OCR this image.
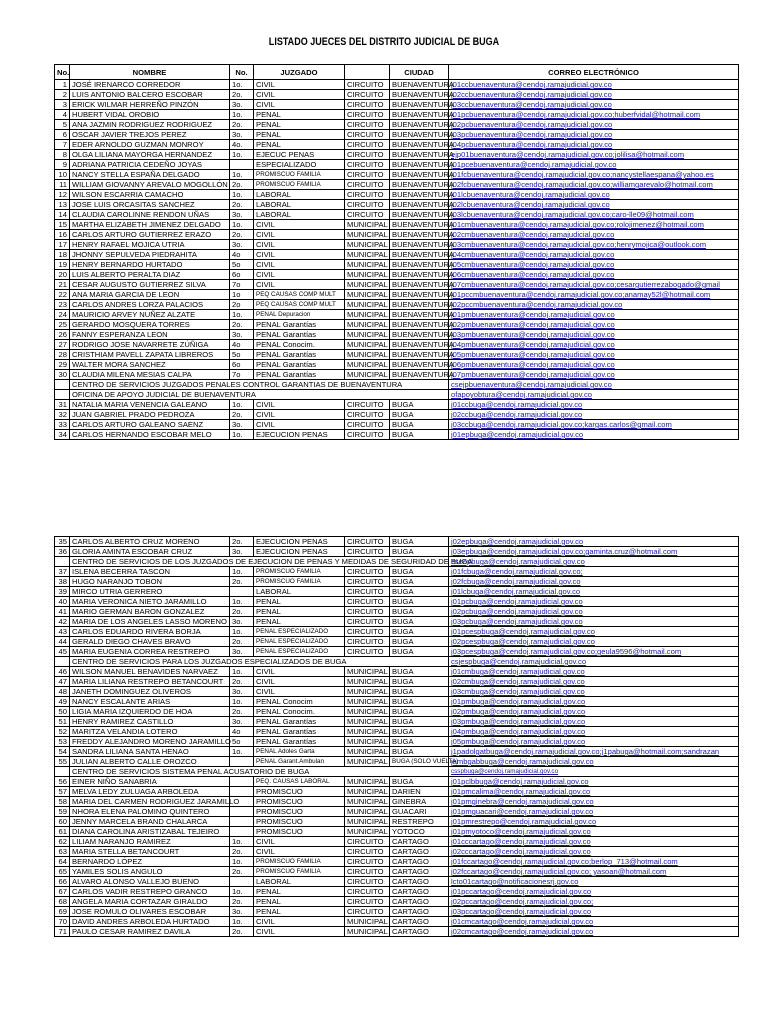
LISTADO JUECES DEL DISTRITO JUDICIAL DE BUGA
No.	NOMBRE	No.	JUZGADO		CIUDAD	CORREO ELECTRÓNICO
1	JOSÉ IRENARCO CORREDOR	1o.	CIVIL	CIRCUITO	BUENAVENTURA	j01ccbuenaventura@cendoj.ramajudicial.gov.co
2	LUIS ANTONIO BALCERO ESCOBAR	2o.	CIVIL	CIRCUITO	BUENAVENTURA	j02ccbuenaventura@cendoj.ramajudicial.gov.co
3	ERICK WILMAR HERREÑO PINZÓN	3o.	CIVIL	CIRCUITO	BUENAVENTURA	j03ccbuenaventura@cendoj.ramajudicial.gov.co
4	HUBERT VIDAL OROBIO	1o.	PENAL	CIRCUITO	BUENAVENTURA	j01pcbuenaventura@cendoj.ramajudicial.gov.co;huberfvidal@hotmail.com
5	ANA JAZMIN RODRIGUEZ RODRIGUEZ	2o.	PENAL	CIRCUITO	BUENAVENTURA	j02pcbuenaventura@cendoj.ramajudicial.gov.co
6	OSCAR JAVIER TREJOS PEREZ	3o.	PENAL	CIRCUITO	BUENAVENTURA	j03pcbuenaventura@cendoj.ramajudicial.gov.co
7	EDER ARNOLDO GUZMAN MONROY	4o.	PENAL	CIRCUITO	BUENAVENTURA	j04pcbuenaventura@cendoj.ramajudicial.gov.co
8	OLGA LILIANA MAYORGA HERNANDEZ	1o.	EJECUC PENAS	CIRCUITO	BUENAVENTURA	ejp01buenaventura@cendoj.ramajudicial.gov.co;jolilisa@hotmail.com
9	ADRIANA PATRICIA CEDEÑO JOYAS		ESPECIALIZADO	CIRCUITO	BUENAVENTURA	j01pcebuenaventura@cendoj.ramajudicial.gov.co
10	NANCY STELLA ESPAÑA DELGADO	1o.	PROMISCUO FAMILIA	CIRCUITO	BUENAVENTURA	j01fcbuenaventura@cendoj.ramajudicial.gov.co;nancystellaespana@yahoo.es
11	WILLIAM GIOVANNY AREVALO MOGOLLÓN	2o.	PROMISCUO FAMILIA	CIRCUITO	BUENAVENTURA	j02fcbuenaventura@cendoj.ramajudicial.gov.co;williamgarevalo@hotmail.com
12	WILSON ESCARRIA CAMACHO	1o.	LABORAL	CIRCUITO	BUENAVENTURA	j01lcbuenaventura@cendoj.ramajudicial.gov.co
13	JOSE LUIS ORCASITAS SANCHEZ	2o.	LABORAL	CIRCUITO	BUENAVENTURA	j02lcbuenaventura@cendoj.ramajudicial.gov.co
14	CLAUDIA CAROLINNE RENDON UÑAS	3o.	LABORAL	CIRCUITO	BUENAVENTURA	j03lcbuenaventura@cendoj.ramajudicial.gov.co;caro-lle09@hotmail.com
15	MARTHA ELIZABETH JIMENEZ DELGADO	1o.	CIVIL	MUNICIPAL	BUENAVENTURA	j01cmbuenaventura@cendoj.ramajudicial.gov.co;rolojimenez@hotmail.com
16	CARLOS ARTURO GUTIERREZ ERAZO	2o.	CIVIL	MUNICIPAL	BUENAVENTURA	j02cmbuenaventura@cendoj.ramajudicial.gov.co
17	HENRY RAFAEL MOJICA UTRIA	3o.	CIVIL	MUNICIPAL	BUENAVENTURA	j03cmbuenaventura@cendoj.ramajudicial.gov.co;henrymojica@outlook.com
18	JHONNY SEPULVEDA PIEDRAHITA	4o	CIVIL	MUNICIPAL	BUENAVENTURA	j04cmbuenaventura@cendoj.ramajudicial.gov.co
19	HENRY BERNARDO HURTADO	5o	CIVIL	MUNICIPAL	BUENAVENTURA	j05cmbuenaventura@cendoj.ramajudicial.gov.co
20	LUIS ALBERTO PERALTA DIAZ	6o	CIVIL	MUNICIPAL	BUENAVENTURA	j06cmbuenaventura@cendoj.ramajudicial.gov.co
21	CESAR AUGUSTO GUTIERREZ SILVA	7o	CIVIL	MUNICIPAL	BUENAVENTURA	j07cmbuenaventura@cendoj.ramajudicial.gov.co;cesargutierrezabogado@gmail
22	ANA MARIA GARCIA DE LEON	1o	PEQ CAUSAS COMP MULT	MUNICIPAL	BUENAVENTURA	j01pccmbuenaventura@cendoj.ramajudicial.gov.co;anamay52l@hotmail.com
23	CARLOS ANDRES LORZA PALACIOS	2o	PEQ CAUSAS COMP MULT	MUNICIPAL	BUENAVENTURA	j02pccmbuenaventura@cendoj.ramajudicial.gov.co
24	MAURICIO ARVEY NUÑEZ ALZATE	1o.	PENAL Depuracion	MUNICIPAL	BUENAVENTURA	j01pmbuenaventura@cendoj.ramajudicial.gov.co
25	GERARDO MOSQUERA TORRES	2o.	PENAL Garantías	MUNICIPAL	BUENAVENTURA	j02pmbuenaventura@cendoj.ramajudicial.gov.co
26	FANNY ESPERANZA LEON	3o.	PENAL Garantías	MUNICIPAL	BUENAVENTURA	j03pmbuenaventura@cendoj.ramajudicial.gov.co
27	RODRIGO JOSE NAVARRETE ZÚÑIGA	4o	PENAL Conocim.	MUNICIPAL	BUENAVENTURA	j04pmbuenaventura@cendoj.ramajudicial.gov.co
28	CRISTHIAM PAVELL ZAPATA LIBREROS	5o	PENAL Garantías	MUNICIPAL	BUENAVENTURA	j05pmbuenaventura@cendoj.ramajudicial.gov.co
29	WALTER MORA SANCHEZ	6o	PENAL Garantías	MUNICIPAL	BUENAVENTURA	j06pmbuenaventura@cendoj.ramajudicial.gov.co
30	CLAUDIA MILENA MESIAS CALPA	7o	PENAL Garantías	MUNICIPAL	BUENAVENTURA	j07pmbuenaventura@cendoj.ramajudicial.gov.co
	CENTRO DE SERVICIOS JUZGADOS PENALES CONTROL GARANTIAS DE BUENAVENTURA					csejpbuenaventura@cendoj.ramajudicial.gov.co
	OFICINA DE APOYO JUDICIAL DE BUENAVENTURA					ofapoyobtura@cendoj.ramajudicial.gov.co
31	NATALIA MARIA VENENCIA GALEANO	1o.	CIVIL	CIRCUITO	BUGA	j01ccbuga@cendoj.ramajudicial.gov.co
32	JUAN GABRIEL PRADO PEDROZA	2o.	CIVIL	CIRCUITO	BUGA	j02ccbuga@cendoj.ramajudicial.gov.co
33	CARLOS ARTURO GALEANO SAENZ	3o.	CIVIL	CIRCUITO	BUGA	j03ccbuga@cendoj.ramajudicial.gov.co;kargas.carlos@gmail.com
34	CARLOS HERNANDO ESCOBAR MELO	1o.	EJECUCION PENAS	CIRCUITO	BUGA	j01epbuga@cendoj.ramajudicial.gov.co
35	CARLOS ALBERTO CRUZ MORENO	2o.	EJECUCION PENAS	CIRCUITO	BUGA	j02epbuga@cendoj.ramajudicial.gov.co
36	GLORIA AMINTA ESCOBAR CRUZ	3o.	EJECUCION PENAS	CIRCUITO	BUGA	j03epbuga@cendoj.ramajudicial.gov.co;gaminta.cruz@hotmail.com
	CENTRO DE SERVICIOS DE LOS JUZGADOS DE EJECUCION DE PENAS Y MEDIDAS DE SEGURIDAD DE BUGA					cseepbuga@cendoj.ramajudicial.gov.co
37	ISLENA BECERRA TASCON	1o.	PROMISCUO FAMILIA	CIRCUITO	BUGA	j01fcbuga@cendoj.ramajudicial.gov.co;
38	HUGO NARANJO TOBON	2o.	PROMISCUO FAMILIA	CIRCUITO	BUGA	j02fcbuga@cendoj.ramajudicial.gov.co
39	MIRCO UTRIA GERRERO		LABORAL	CIRCUITO	BUGA	j01lcbuga@cendoj.ramajudicial.gov.co
40	MARIA VERONICA NIETO JARAMILLO	1o.	PENAL	CIRCUITO	BUGA	j01pcbuga@cendoj.ramajudicial.gov.co
41	MARIO GERMAN BARON GONZALEZ	2o.	PENAL	CIRCUITO	BUGA	j02pcbuga@cendoj.ramajudicial.gov.co
42	MARIA DE LOS ANGELES LASSO MORENO	3o.	PENAL	CIRCUITO	BUGA	j03pcbuga@cendoj.ramajudicial.gov.co
43	CARLOS EDUARDO RIVERA BORJA	1o.	PENAL ESPECIALIZADO	CIRCUITO	BUGA	j01pcespbuga@cendoj.ramajudicial.gov.co
44	GERALD DIEGO CHAVES BRAVO	2o.	PENAL ESPECIALIZADO	CIRCUITO	BUGA	j02pcespbuga@cendoj.ramajudicial.gov.co
45	MARIA EUGENIA CORREA RESTREPO	3o.	PENAL ESPECIALIZADO	CIRCUITO	BUGA	j03pcespbuga@cendoj.ramajudicial.gov.co;geula9596@hotmail.com
	CENTRO DE SERVICIOS PARA LOS JUZGADOS ESPECIALIZADOS DE BUGA					csjespbuga@cendoj.ramajudicial.gov.co
46	WILSON MANUEL BENAVIDES NARVAEZ	1o.	CIVIL	MUNICIPAL	BUGA	j01cmbuga@cendoj.ramajudicial.gov.co
47	MARIA LILIANA RESTREPO BETANCOURT	2o.	CIVIL	MUNICIPAL	BUGA	j02cmbuga@cendoj.ramajudicial.gov.co
48	JANETH DOMINGUEZ OLIVEROS	3o.	CIVIL	MUNICIPAL	BUGA	j03cmbuga@cendoj.ramajudicial.gov.co
49	NANCY ESCALANTE ARIAS	1o.	PENAL Conocim	MUNICIPAL	BUGA	j01pmbuga@cendoj.ramajudicial.gov.co
50	LIGIA MARIA IZQUIERDO DE HOA	2o.	PENAL Conocim.	MUNICIPAL	BUGA	j02pmbuga@cendoj.ramajudicial.gov.co
51	HENRY RAMIREZ CASTILLO	3o.	PENAL Garantías	MUNICIPAL	BUGA	j03pmbuga@cendoj.ramajudicial.gov.co
52	MARITZA VELANDIA LOTERO	4o	PENAL Garantías	MUNICIPAL	BUGA	j04pmbuga@cendoj.ramajudicial.gov.co
53	FREDDY ALEJANDRO MORENO JARAMILLO	5o	PENAL Garantías	MUNICIPAL	BUGA	j05pmbuga@cendoj.ramajudicial.gov.co
54	SANDRA LILIANA SANTA HENAO	1o.	PENAL Adoles Garta	MUNICIPAL	BUGA	j1padolgatbuga@cendoj.ramajudicial.gov.co;j1pabuga@hotmail.com;sandrazan
55	JULIAN ALBERTO CALLE OROZCO		PENAL Garant.Ambulan	MUNICIPAL	BUGA (SOLO VUELTA)	jambgabbuga@cendoj.ramajudicial.gov.co
	CENTRO DE SERVICIOS SISTEMA PENAL ACUSATORIO DE BUGA					csspbuga@cendoj.ramajudicial.gov.co
56	EINER NIÑO SANABRIA		PEQ. CAUSAS LABORAL	MUNICIPAL	BUGA	j01pclbbuga@cendoj.ramajudicial.gov.co
57	MELVA LEDY ZULUAGA ARBOLEDA		PROMISCUO	MUNICIPAL	DARIEN	j01pmcalima@cendoj.ramajudicial.gov.co
58	MARIA DEL CARMEN RODRIGUEZ JARAMILLO		PROMISCUO	MUNICIPAL	GINEBRA	j01pmginebra@cendoj.ramajudicial.gov.co
59	NHORA ELENA PALOMINO QUINTERO		PROMISCUO	MUNICIPAL	GUACARI	j01pmguacari@cendoj.ramajudicial.gov.co
60	JENNY MARCELA BRAND CHALARCA		PROMISCUO	MUNICIPAL	RESTREPO	j01pmrestrepo@cendoj.ramajudicial.gov.co
61	DIANA CAROLINA ARISTIZABAL TEJEIRO		PROMISCUO	MUNICIPAL	YOTOCO	j01pmyotoco@cendoj.ramajudicial.gov.co
62	LILIAM NARANJO RAMIREZ	1o.	CIVIL	CIRCUITO	CARTAGO	j01cccartago@cendoj.ramajudicial.gov.co
63	MARIA STELLA BETANCOURT	2o.	CIVIL	CIRCUITO	CARTAGO	j02cccartago@cendoj.ramajudicial.gov.co
64	BERNARDO LÓPEZ	1o.	PROMISCUO FAMILIA	CIRCUITO	CARTAGO	j01fccartago@cendoj.ramajudicial.gov.co;berlop_713@hotmail.com
65	YAMILES SOLIS ANGULO	2o.	PROMISCUO FAMILIA	CIRCUITO	CARTAGO	j02fccartago@cendoj.ramajudicial.gov.co; yasoan@hotmail.com
66	ALVARO ALONSO VALLEJO BUENO		LABORAL	CIRCUITO	CARTAGO	lcto01cartago@notificacionesrj.gov.co
67	CARLOS VADIR RESTREPO GRANCO	1o.	PENAL	CIRCUITO	CARTAGO	j01pccartago@cendoj.ramajudicial.gov.co
68	ANGELA MARIA CORTAZAR GIRALDO	2o.	PENAL	CIRCUITO	CARTAGO	j02pccartago@cendoj.ramajudicial.gov.co;
69	JOSE ROMULO OLIVARES ESCOBAR	3o.	PENAL	CIRCUITO	CARTAGO	j03pccartago@cendoj.ramajudicial.gov.co
70	DAVID ANDRES ARBOLEDA HURTADO	1o.	CIVIL	MUNICIPAL	CARTAGO	j01cmcartago@cendoj.ramajudicial.gov.co
71	PAULO CESAR RAMIREZ DAVILA	2o.	CIVIL	MUNICIPAL	CARTAGO	j02cmcartago@cendoj.ramajudicial.gov.co
